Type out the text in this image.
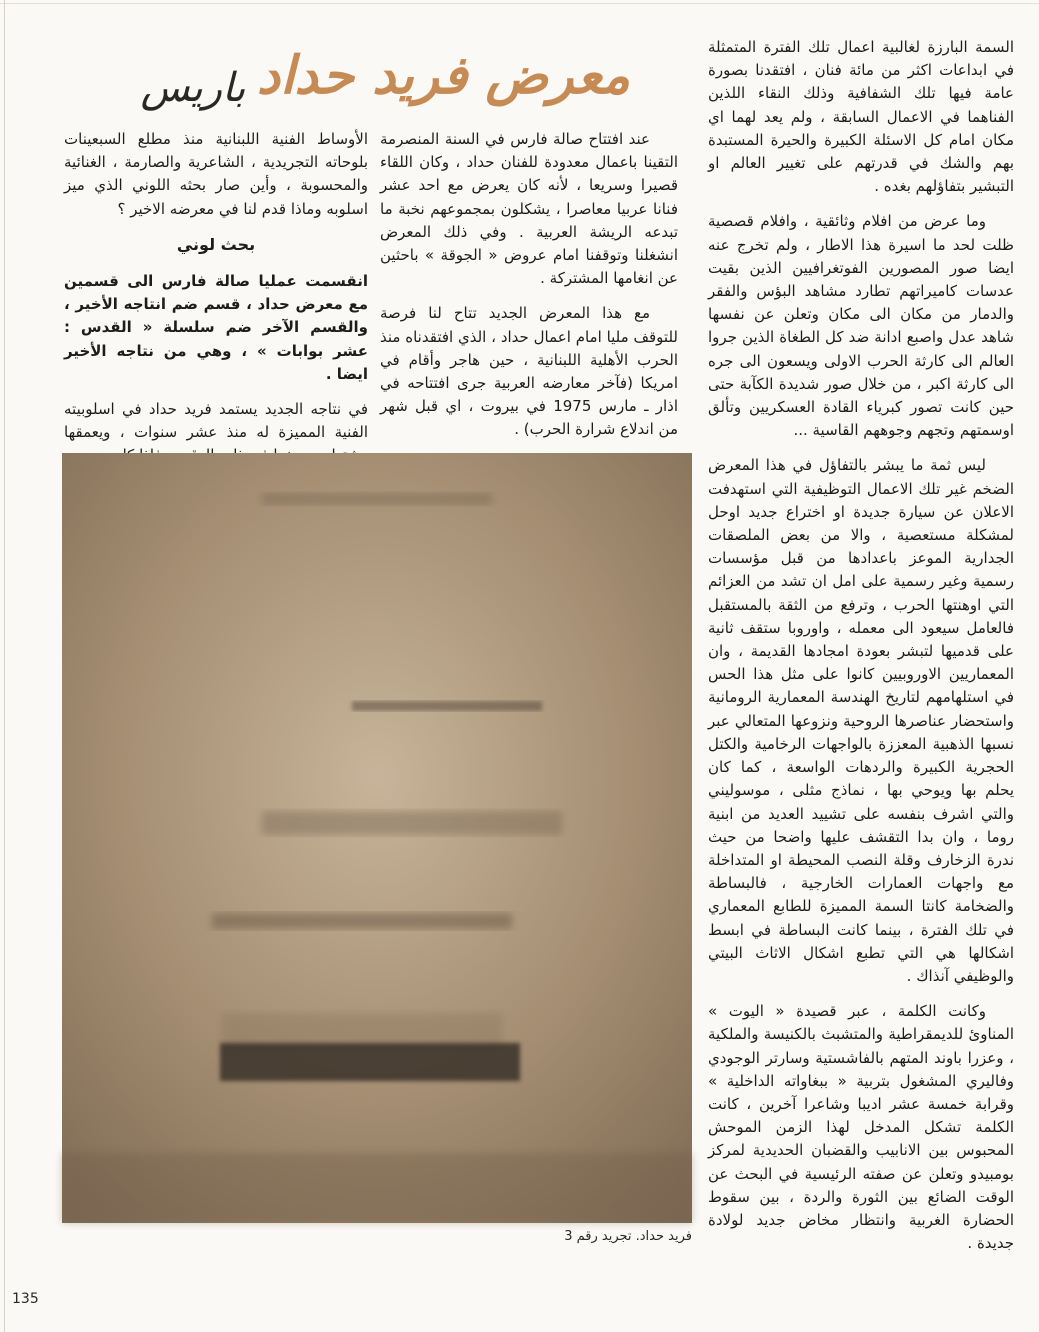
معرض فريد حداد
باريس

السمة البارزة لغالبية اعمال تلك الفترة المتمثلة في ابداعات اكثر من مائة فنان ، افتقدنا بصورة عامة فيها تلك الشفافية وذلك النقاء اللذين الفناهما في الاعمال السابقة ، ولم يعد لهما اي مكان امام كل الاسئلة الكبيرة والحيرة المستبدة بهم والشك في قدرتهم على تغيير العالم او التبشير بتفاؤلهم بغده .

وما عرض من افلام وثائقية ، وافلام قصصية ظلت لحد ما اسيرة هذا الاطار ، ولم تخرج عنه ايضا صور المصورين الفوتغرافيين الذين بقيت عدسات كاميراتهم تطارد مشاهد البؤس والفقر والدمار من مكان الى مكان وتعلن عن نفسها شاهد عدل واصبع ادانة ضد كل الطغاة الذين جروا العالم الى كارثة الحرب الاولى ويسعون الى جره الى كارثة اكبر ، من خلال صور شديدة الكآبة حتى حين كانت تصور كبرياء القادة العسكريين وتألق اوسمتهم وتجهم وجوههم القاسية ...

ليس ثمة ما يبشر بالتفاؤل في هذا المعرض الضخم غير تلك الاعمال التوظيفية التي استهدفت الاعلان عن سيارة جديدة او اختراع جديد اوحل لمشكلة مستعصية ، والا من بعض الملصقات الجدارية الموعز باعدادها من قبل مؤسسات رسمية وغير رسمية على امل ان تشد من العزائم التي اوهنتها الحرب ، وترفع من الثقة بالمستقبل فالعامل سيعود الى معمله ، واوروبا ستقف ثانية على قدميها لتبشر بعودة امجادها القديمة ، وان المعماريين الاوروبيين كانوا على مثل هذا الحس في استلهامهم لتاريخ الهندسة المعمارية الرومانية واستحضار عناصرها الروحية ونزوعها المتعالي عبر نسبها الذهبية المعززة بالواجهات الرخامية والكتل الحجرية الكبيرة والردهات الواسعة ، كما كان يحلم بها ويوحي بها ، نماذج مثلى ، موسوليني والتي اشرف بنفسه على تشييد العديد من ابنية روما ، وان بدا التقشف عليها واضحا من حيث ندرة الزخارف وقلة النصب المحيطة او المتداخلة مع واجهات العمارات الخارجية ، فالبساطة والضخامة كانتا السمة المميزة للطابع المعماري في تلك الفترة ، بينما كانت البساطة في ابسط اشكالها هي التي تطبع اشكال الاثاث البيتي والوظيفي آنذاك .

وكانت الكلمة ، عبر قصيدة « اليوت » المناوئ للديمقراطية والمتشبث بالكنيسة والملكية ، وعزرا باوند المتهم بالفاشستية وسارتر الوجودي وفاليري المشغول بتربية « ببغاواته الداخلية » وقرابة خمسة عشر اديبا وشاعرا آخرين ، كانت الكلمة تشكل المدخل لهذا الزمن الموحش المحبوس بين الانابيب والقضبان الحديدية لمركز بومبيدو وتعلن عن صفته الرئيسية في البحث عن الوقت الضائع بين الثورة والردة ، بين سقوط الحضارة الغربية وانتظار مخاض جديد لولادة جديدة .

عند افتتاح صالة فارس في السنة المنصرمة التقينا باعمال معدودة للفنان حداد ، وكان اللقاء قصيرا وسريعا ، لأنه كان يعرض مع احد عشر فنانا عربيا معاصرا ، يشكلون بمجموعهم نخبة ما تبدعه الريشة العربية . وفي ذلك المعرض انشغلنا وتوقفنا امام عروض « الجوقة » باحثين عن انغامها المشتركة .

مع هذا المعرض الجديد تتاح لنا فرصة للتوقف مليا امام اعمال حداد ، الذي افتقدناه منذ الحرب الأهلية اللبنانية ، حين هاجر وأقام في امريكا (فآخر معارضه العربية جرى افتتاحه في اذار ـ مارس 1975 في بيروت ، اي قبل شهر من اندلاع شرارة الحرب) .

الأوساط الفنية اللبنانية منذ مطلع السبعينات بلوحاته التجريدية ، الشاعرية والصارمة ، الغنائية والمحسوبة ، وأين صار بحثه اللوني الذي ميز اسلوبه وماذا قدم لنا في معرضه الاخير ؟

بحث لوني

انقسمت عمليا صالة فارس الى قسمين مع معرض حداد ، قسم ضم انتاجه الأخير ، والقسم الآخر ضم سلسلة « القدس : عشر بوابات » ، وهي من نتاجه الأخير ايضا .

في نتاجه الجديد يستمد فريد حداد في اسلوبيته الفنية المميزة له منذ عشر سنوات ، ويعمقها

فريد حداد. تجريد رقم 3
135
